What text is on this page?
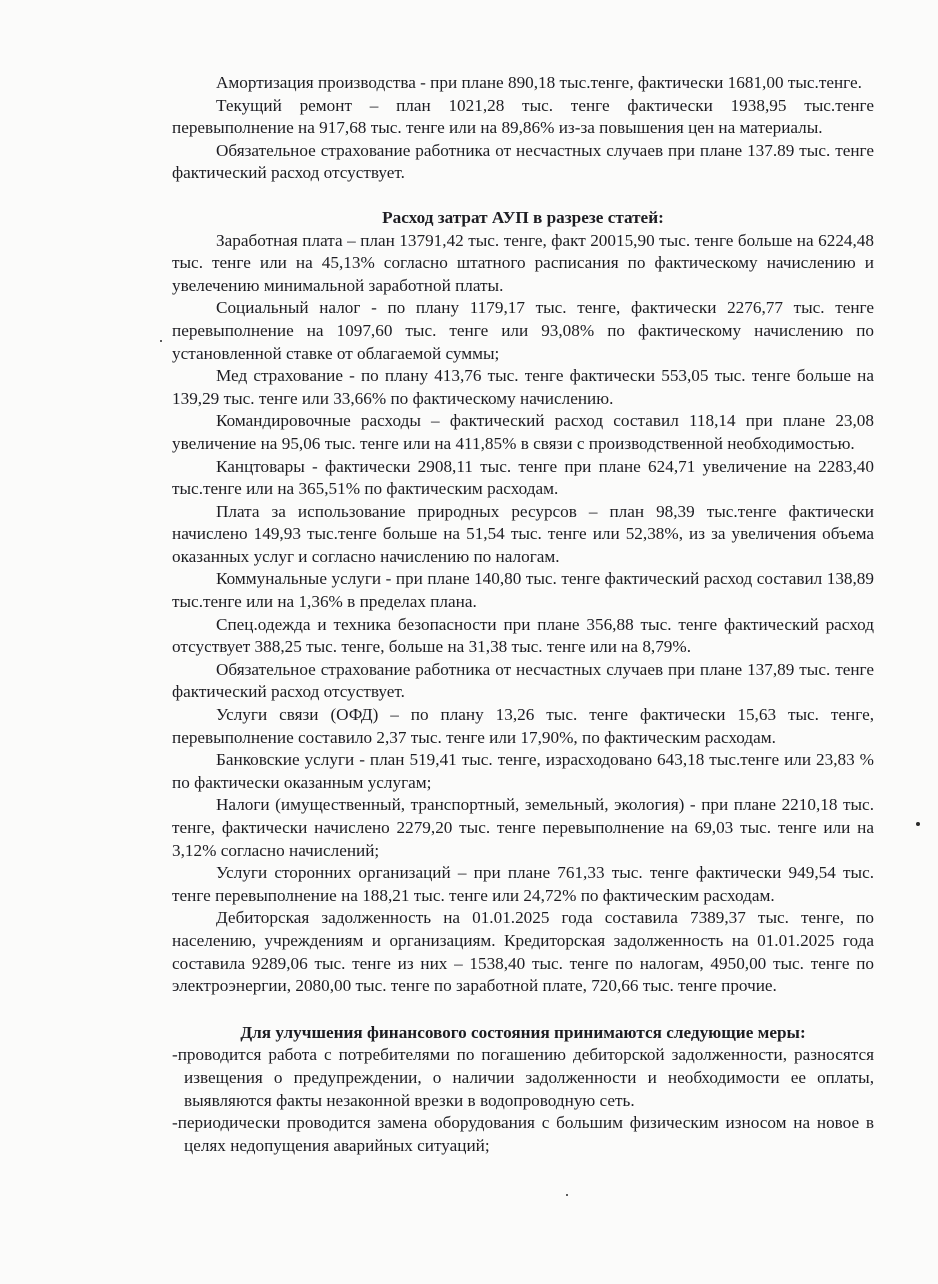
Амортизация производства - при плане 890,18 тыс.тенге, фактически 1681,00 тыс.тенге.

Текущий ремонт – план 1021,28 тыс. тенге фактически 1938,95 тыс.тенге перевыполнение на 917,68 тыс. тенге или на 89,86% из-за повышения цен на материалы.

Обязательное страхование работника от несчастных случаев при плане 137.89 тыс. тенге фактический расход отсуствует.

Расход затрат АУП в разрезе статей:

Заработная плата – план 13791,42 тыс. тенге, факт 20015,90 тыс. тенге больше на 6224,48 тыс. тенге или на 45,13% согласно штатного расписания по фактическому начислению и увелечению минимальной заработной платы.

Социальный налог - по плану 1179,17 тыс. тенге, фактически 2276,77 тыс. тенге перевыполнение на 1097,60 тыс. тенге или 93,08% по фактическому начислению по установленной ставке от облагаемой суммы;

Мед страхование - по плану 413,76 тыс. тенге фактически 553,05 тыс. тенге больше на 139,29 тыс. тенге или 33,66% по фактическому начислению.

Командировочные расходы – фактический расход составил 118,14 при плане 23,08 увеличение на 95,06 тыс. тенге или на 411,85% в связи с производственной необходимостью.

Канцтовары - фактически 2908,11 тыс. тенге при плане 624,71 увеличение на 2283,40 тыс.тенге или на 365,51% по фактическим расходам.

Плата за использование природных ресурсов – план 98,39 тыс.тенге фактически начислено 149,93 тыс.тенге больше на 51,54 тыс. тенге или 52,38%, из за увеличения объема оказанных услуг и согласно начислению по налогам.

Коммунальные услуги - при плане 140,80 тыс. тенге фактический расход составил 138,89 тыс.тенге или на 1,36% в пределах плана.

Спец.одежда и техника безопасности при плане 356,88 тыс. тенге фактический расход отсуствует 388,25 тыс. тенге, больше на 31,38 тыс. тенге или на 8,79%.

Обязательное страхование работника от несчастных случаев при плане 137,89 тыс. тенге фактический расход отсуствует.

Услуги связи (ОФД) – по плану 13,26 тыс. тенге фактически 15,63 тыс. тенге, перевыполнение составило 2,37 тыс. тенге или 17,90%, по фактическим расходам.

Банковские услуги - план 519,41 тыс. тенге, израсходовано 643,18 тыс.тенге или 23,83 % по фактически оказанным услугам;

Налоги (имущественный, транспортный, земельный, экология) - при плане 2210,18 тыс. тенге, фактически начислено 2279,20 тыс. тенге перевыполнение на 69,03 тыс. тенге или на 3,12% согласно начислений;

Услуги сторонних организаций – при плане 761,33 тыс. тенге фактически 949,54 тыс. тенге перевыполнение на 188,21 тыс. тенге или 24,72% по фактическим расходам.

Дебиторская задолженность на 01.01.2025 года составила 7389,37 тыс. тенге, по населению, учреждениям и организациям. Кредиторская задолженность на 01.01.2025 года составила 9289,06 тыс. тенге из них – 1538,40 тыс. тенге по налогам, 4950,00 тыс. тенге по электроэнергии, 2080,00 тыс. тенге по заработной плате, 720,66 тыс. тенге прочие.

Для улучшения финансового состояния принимаются следующие меры:

-проводится работа с потребителями по погашению дебиторской задолженности, разносятся извещения о предупреждении, о наличии задолженности и необходимости ее оплаты, выявляются факты незаконной врезки в водопроводную сеть.

-периодически проводится замена оборудования с большим физическим износом на новое в целях недопущения аварийных ситуаций;
